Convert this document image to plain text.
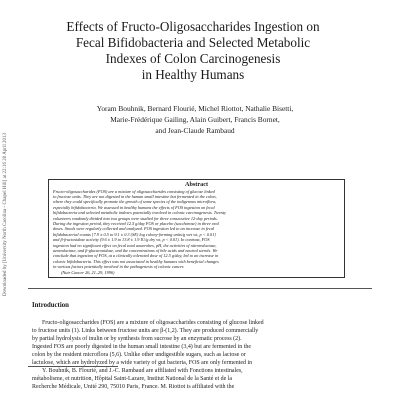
Downloaded by [University North Carolina - Chapel Hill] at 22:16 20 April 2013
Effects of Fructo-Oligosaccharides Ingestion on
Fecal Bifidobacteria and Selected Metabolic
Indexes of Colon Carcinogenesis
in Healthy Humans
Yoram Bouhnik, Bernard Flourié, Michel Riottot, Nathalie Bisetti,
Marie-Frédérique Gailing, Alain Guibert, Francis Bornet,
and Jean-Claude Rambaud
Abstract
Fructo-oligosaccharides (FOS) are a mixture of oligosaccharides consisting of glucose linked
to fructose units. They are not digested in the human small intestine but fermented in the colon,
where they could specifically promote the growth of some species of the indigenous microflora,
especially bifidobacteria. We assessed in healthy humans the effects of FOS ingestion on fecal
bifidobacteria and selected metabolic indexes potentially involved in colonic carcinogenesis. Twenty
volunteers randomly divided into two groups were studied for three consecutive 12-day periods.
During the ingestion period, they received 12.5 g/day FOS or placebo (saccharose) in three oral
doses. Stools were regularly collected and analyzed. FOS ingestion led to an increase in fecal
bifidobacterial counts [7.9 ± 0.5 to 9.1 ± 0.3 (SE) log colony-forming units/g wet wt, p < 0.01]
and β-fructosidase activity (9.6 ± 1.9 to 13.8 ± 1.9 IU/g dry wt, p < 0.01). In contrast, FOS
ingestion had no significant effect on fecal total anaerobes, pH, the activities of nitroreductase,
azoreductase, and β-glucuronidase, and the concentrations of bile acids and neutral sterols. We
conclude that ingestion of FOS, at a clinically tolerated dose of 12.5 g/day, led to an increase in
colonic bifidobacteria. This effect was not associated in healthy humans with beneficial changes
in various factors potentially involved in the pathogenesis of colonic cancer.
(Nutr Cancer 26, 21–29, 1996)
Introduction
Fructo-oligosaccharides (FOS) are a mixture of oligosaccharides consisting of glucose linked
to fructose units (1). Links between fructose units are β-(1,2). They are produced commercially
by partial hydrolysis of inulin or by synthesis from sucrose by an enzymatic process (2).
Ingested FOS are poorly digested in the human small intestine (3,4) but are fermented in the
colon by the resident microflora (5,6). Unlike other undigestible sugars, such as lactose or
lactulose, which are hydrolyzed by a wide variety of gut bacteria, FOS are only fermented in
Y. Bouhnik, B. Flourié, and J.-C. Rambaud are affiliated with Fonctions intestinales,
métabolisme, et nutrition, Hôpital Saint-Lazare, Institut National de la Santé et de la
Recherche Médicale, Unité 290, 75010 Paris, France. M. Riottot is affiliated with the
